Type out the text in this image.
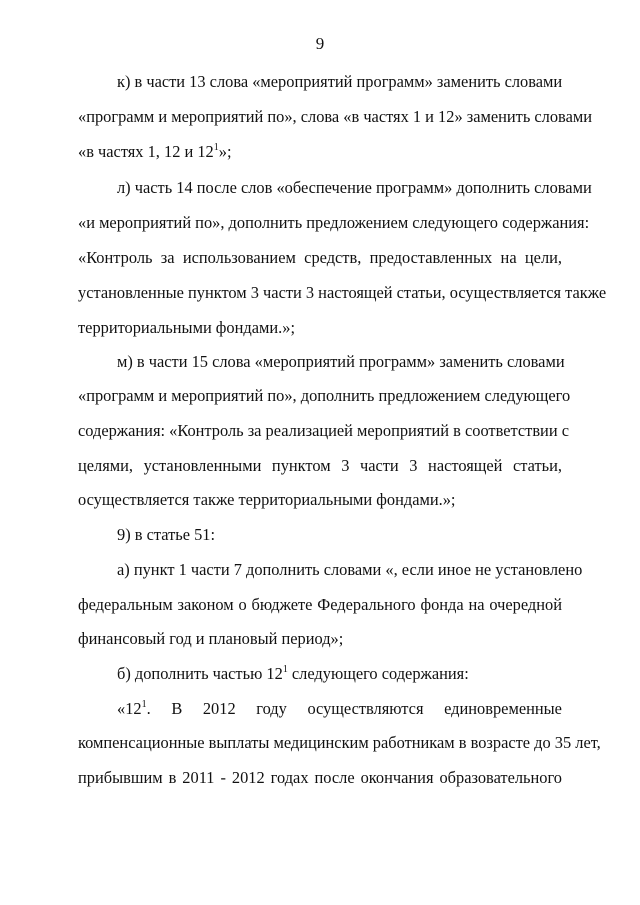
9
к) в части 13 слова «мероприятий программ» заменить словами
«программ и мероприятий по», слова «в частях 1 и 12» заменить словами
«в частях 1, 12 и $12^1$»;
л) часть 14 после слов «обеспечение программ» дополнить словами
«и мероприятий по», дополнить предложением следующего содержания:
«Контроль за использованием средств, предоставленных на цели,
установленные пунктом 3 части 3 настоящей статьи, осуществляется также
территориальными фондами.»;
м) в части 15 слова «мероприятий программ» заменить словами
«программ и мероприятий по», дополнить предложением следующего
содержания: «Контроль за реализацией мероприятий в соответствии с
целями, установленными пунктом 3 части 3 настоящей статьи,
осуществляется также территориальными фондами.»;
9) в статье 51:
а) пункт 1 части 7 дополнить словами «, если иное не установлено
федеральным законом о бюджете Федерального фонда на очередной
финансовый год и плановый период»;
б) дополнить частью $12^1$ следующего содержания:
«$12^1$. В 2012 году осуществляются единовременные
компенсационные выплаты медицинским работникам в возрасте до 35 лет,
прибывшим в 2011 - 2012 годах после окончания образовательного
